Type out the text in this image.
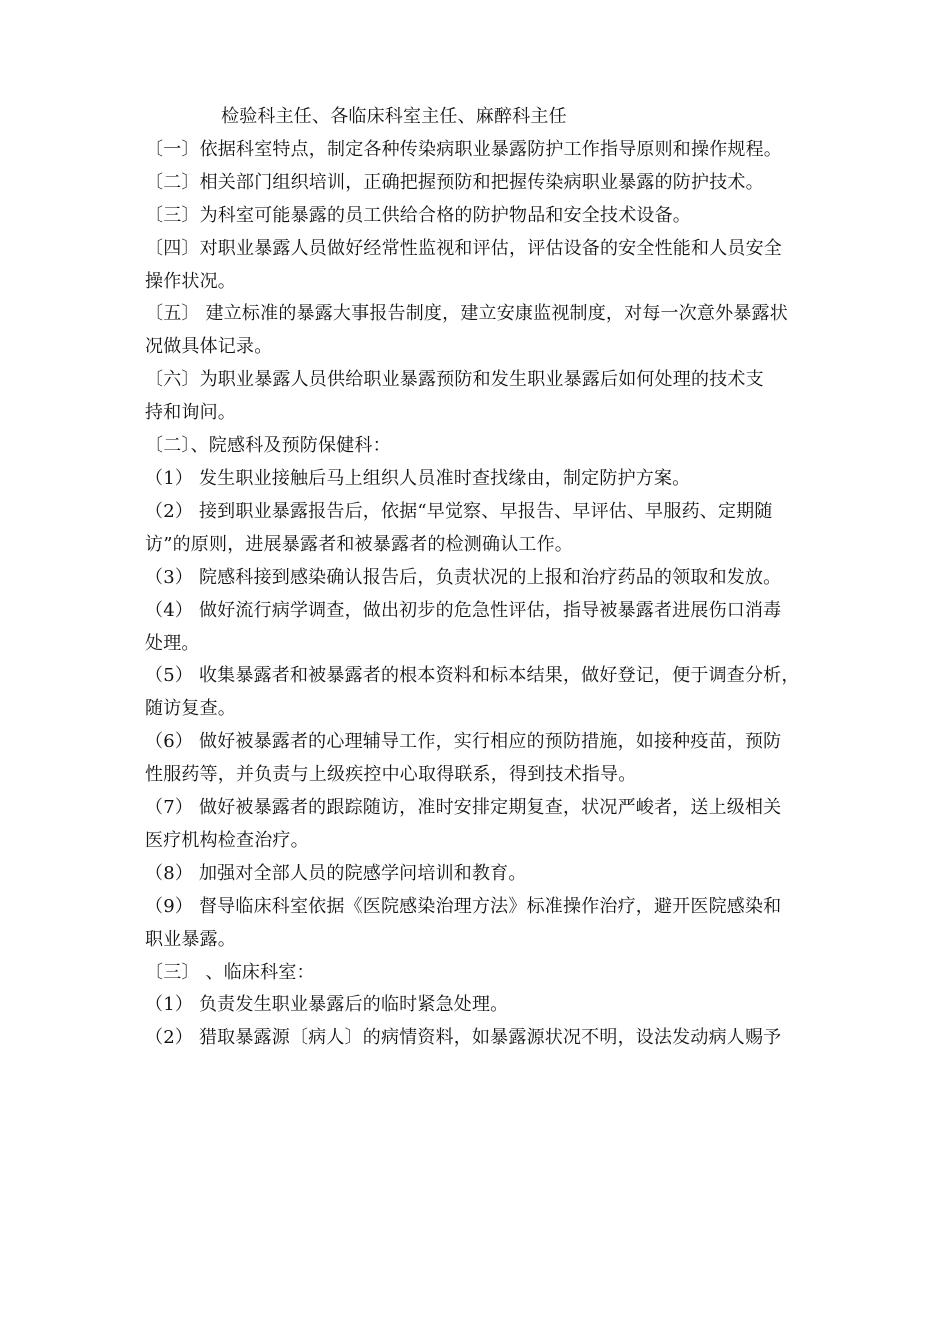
检验科主任、各临床科室主任、麻醉科主任
〔一〕依据科室特点，制定各种传染病职业暴露防护工作指导原则和操作规程。
〔二〕相关部门组织培训，正确把握预防和把握传染病职业暴露的防护技术。
〔三〕为科室可能暴露的员工供给合格的防护物品和安全技术设备。
〔四〕对职业暴露人员做好经常性监视和评估，评估设备的安全性能和人员安全
操作状况。
〔五〕 建立标准的暴露大事报告制度，建立安康监视制度，对每一次意外暴露状
况做具体记录。
〔六〕为职业暴露人员供给职业暴露预防和发生职业暴露后如何处理的技术支
持和询问。
〔二〕、院感科及预防保健科：
（1） 发生职业接触后马上组织人员准时查找缘由，制定防护方案。
（2） 接到职业暴露报告后，依据“早觉察、早报告、早评估、早服药、定期随
访”的原则，进展暴露者和被暴露者的检测确认工作。
（3） 院感科接到感染确认报告后，负责状况的上报和治疗药品的领取和发放。
（4） 做好流行病学调查，做出初步的危急性评估，指导被暴露者进展伤口消毒
处理。
（5） 收集暴露者和被暴露者的根本资料和标本结果，做好登记，便于调查分析，
随访复查。
（6） 做好被暴露者的心理辅导工作，实行相应的预防措施，如接种疫苗，预防
性服药等，并负责与上级疾控中心取得联系，得到技术指导。
（7） 做好被暴露者的跟踪随访，准时安排定期复查，状况严峻者，送上级相关
医疗机构检查治疗。
（8） 加强对全部人员的院感学问培训和教育。
（9） 督导临床科室依据《医院感染治理方法》标准操作治疗，避开医院感染和
职业暴露。
〔三〕 、临床科室：
（1） 负责发生职业暴露后的临时紧急处理。
（2） 猎取暴露源〔病人〕的病情资料，如暴露源状况不明，设法发动病人赐予
